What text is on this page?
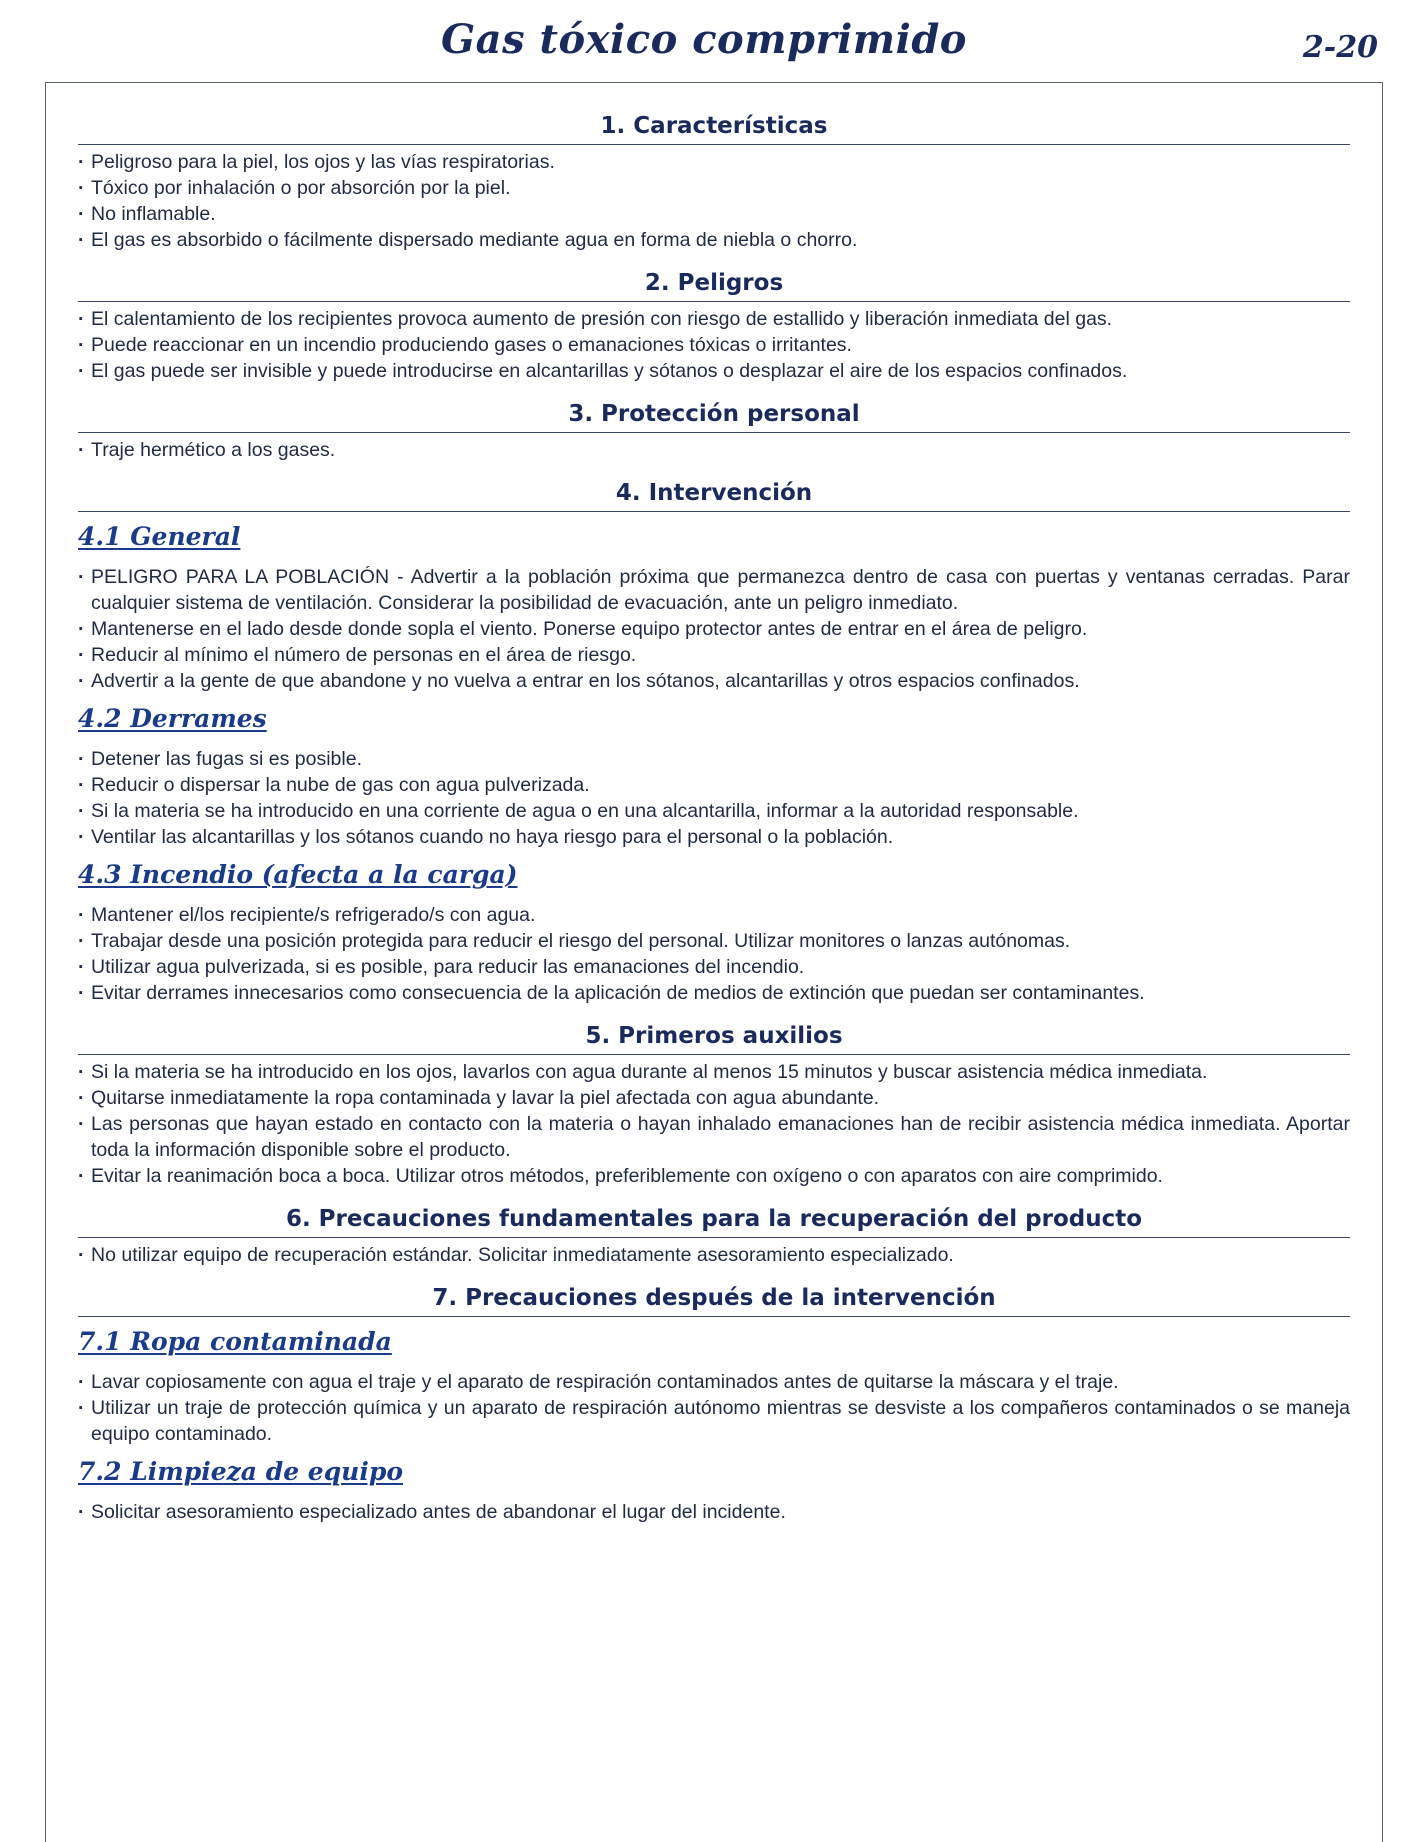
Gas tóxico comprimido	2-20
1. Características
· Peligroso para la piel, los ojos y las vías respiratorias.
· Tóxico por inhalación o por absorción por la piel.
· No inflamable.
· El gas es absorbido o fácilmente dispersado mediante agua en forma de niebla o chorro.
2. Peligros
· El calentamiento de los recipientes provoca aumento de presión con riesgo de estallido y liberación inmediata del gas.
· Puede reaccionar en un incendio produciendo gases o emanaciones tóxicas o irritantes.
· El gas puede ser invisible y puede introducirse en alcantarillas y sótanos o desplazar el aire de los espacios confinados.
3. Protección personal
· Traje hermético a los gases.
4. Intervención
4.1 General
· PELIGRO PARA LA POBLACIÓN - Advertir a la población próxima que permanezca dentro de casa con puertas y ventanas cerradas. Parar cualquier sistema de ventilación. Considerar la posibilidad de evacuación, ante un peligro inmediato.
· Mantenerse en el lado desde donde sopla el viento. Ponerse equipo protector antes de entrar en el área de peligro.
· Reducir al mínimo el número de personas en el área de riesgo.
· Advertir a la gente de que abandone y no vuelva a entrar en los sótanos, alcantarillas y otros espacios confinados.
4.2 Derrames
· Detener las fugas si es posible.
· Reducir o dispersar la nube de gas con agua pulverizada.
· Si la materia se ha introducido en una corriente de agua o en una alcantarilla, informar a la autoridad responsable.
· Ventilar las alcantarillas y los sótanos cuando no haya riesgo para el personal o la población.
4.3 Incendio (afecta a la carga)
· Mantener el/los recipiente/s refrigerado/s con agua.
· Trabajar desde una posición protegida para reducir el riesgo del personal. Utilizar monitores o lanzas autónomas.
· Utilizar agua pulverizada, si es posible, para reducir las emanaciones del incendio.
· Evitar derrames innecesarios como consecuencia de la aplicación de medios de extinción que puedan ser contaminantes.
5. Primeros auxilios
· Si la materia se ha introducido en los ojos, lavarlos con agua durante al menos 15 minutos y buscar asistencia médica inmediata.
· Quitarse inmediatamente la ropa contaminada y lavar la piel afectada con agua abundante.
· Las personas que hayan estado en contacto con la materia o hayan inhalado emanaciones han de recibir asistencia médica inmediata. Aportar toda la información disponible sobre el producto.
· Evitar la reanimación boca a boca. Utilizar otros métodos, preferiblemente con oxígeno o con aparatos con aire comprimido.
6. Precauciones fundamentales para la recuperación del producto
· No utilizar equipo de recuperación estándar. Solicitar inmediatamente asesoramiento especializado.
7. Precauciones después de la intervención
7.1 Ropa contaminada
· Lavar copiosamente con agua el traje y el aparato de respiración contaminados antes de quitarse la máscara y el traje.
· Utilizar un traje de protección química y un aparato de respiración autónomo mientras se desviste a los compañeros contaminados o se maneja equipo contaminado.
7.2 Limpieza de equipo
· Solicitar asesoramiento especializado antes de abandonar el lugar del incidente.
